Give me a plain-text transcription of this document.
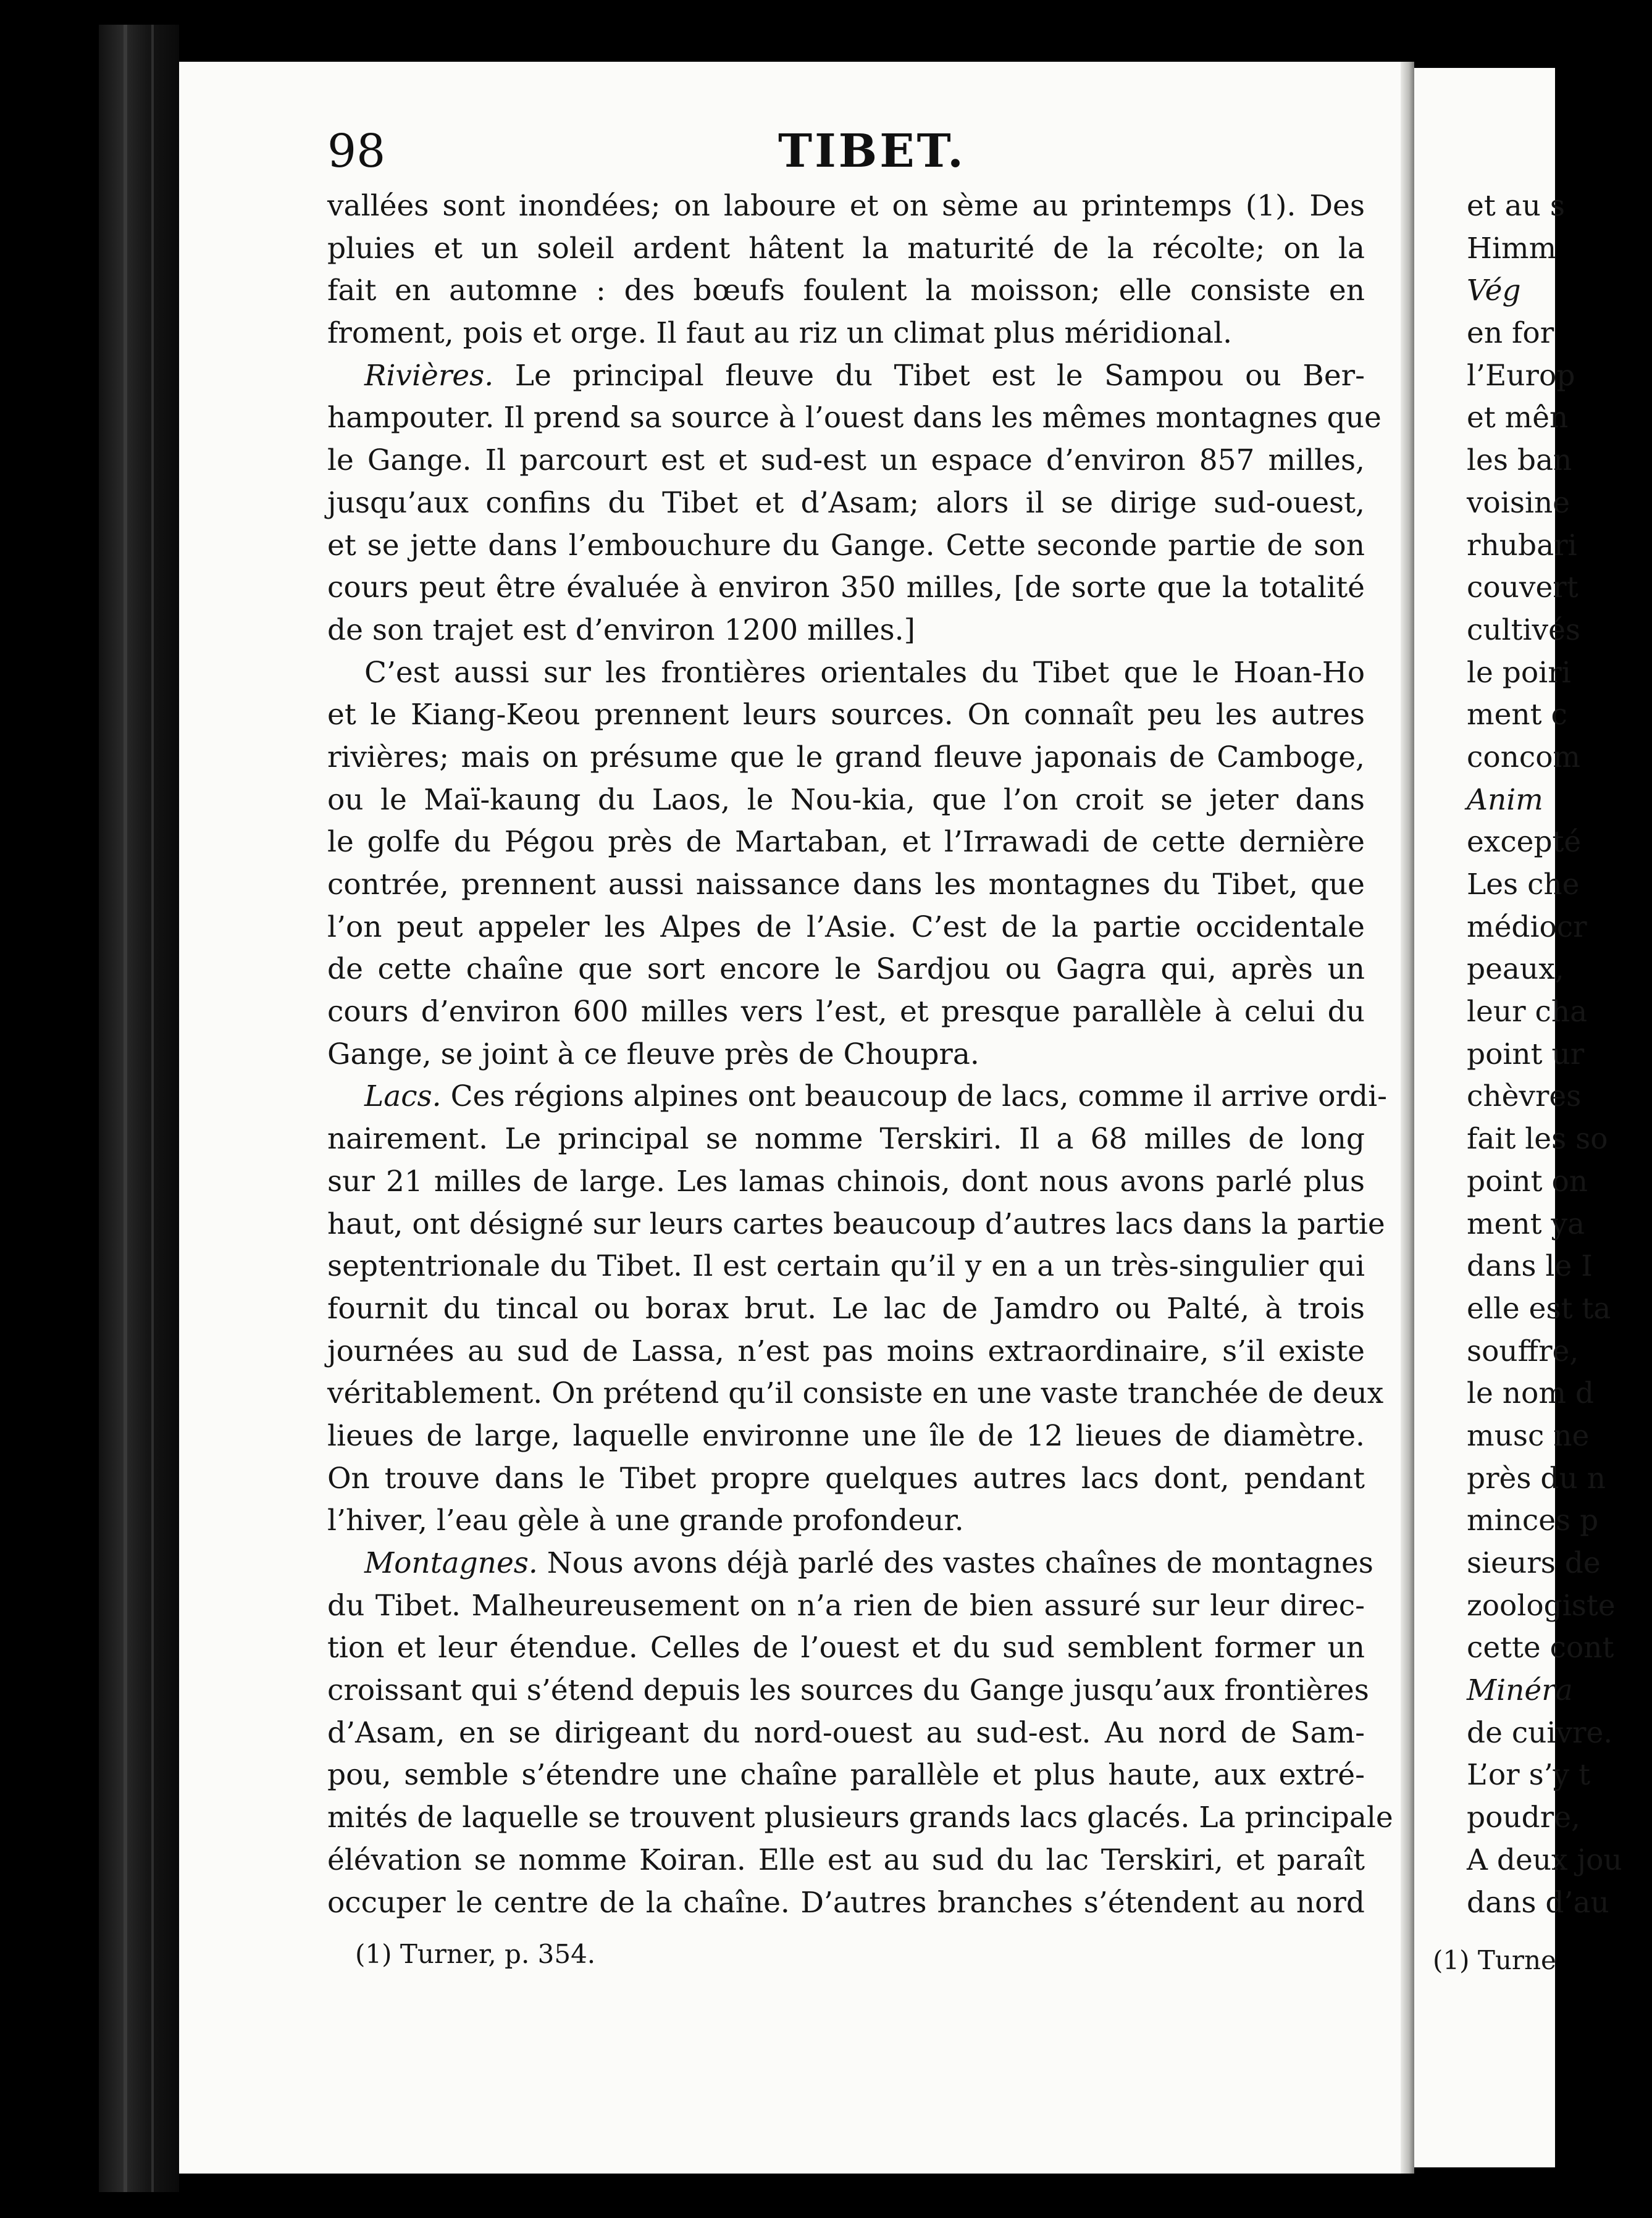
98	TIBET.
vallées sont inondées; on laboure et on sème au printemps (1). Des
pluies et un soleil ardent hâtent la maturité de la récolte; on la
fait en automne : des bœufs foulent la moisson; elle consiste en
froment, pois et orge. Il faut au riz un climat plus méridional.
Rivières. Le principal fleuve du Tibet est le Sampou ou Ber-
hampouter. Il prend sa source à l’ouest dans les mêmes montagnes que
le Gange. Il parcourt est et sud-est un espace d’environ 857 milles,
jusqu’aux confins du Tibet et d’Asam; alors il se dirige sud-ouest,
et se jette dans l’embouchure du Gange. Cette seconde partie de son
cours peut être évaluée à environ 350 milles, [de sorte que la totalité
de son trajet est d’environ 1200 milles.]
C’est aussi sur les frontières orientales du Tibet que le Hoan-Ho
et le Kiang-Keou prennent leurs sources. On connaît peu les autres
rivières; mais on présume que le grand fleuve japonais de Camboge,
ou le Maï-kaung du Laos, le Nou-kia, que l’on croit se jeter dans
le golfe du Pégou près de Martaban, et l’Irrawadi de cette dernière
contrée, prennent aussi naissance dans les montagnes du Tibet, que
l’on peut appeler les Alpes de l’Asie. C’est de la partie occidentale
de cette chaîne que sort encore le Sardjou ou Gagra qui, après un
cours d’environ 600 milles vers l’est, et presque parallèle à celui du
Gange, se joint à ce fleuve près de Choupra.
Lacs. Ces régions alpines ont beaucoup de lacs, comme il arrive ordi-
nairement. Le principal se nomme Terskiri. Il a 68 milles de long
sur 21 milles de large. Les lamas chinois, dont nous avons parlé plus
haut, ont désigné sur leurs cartes beaucoup d’autres lacs dans la partie
septentrionale du Tibet. Il est certain qu’il y en a un très-singulier qui
fournit du tincal ou borax brut. Le lac de Jamdro ou Palté, à trois
journées au sud de Lassa, n’est pas moins extraordinaire, s’il existe
véritablement. On prétend qu’il consiste en une vaste tranchée de deux
lieues de large, laquelle environne une île de 12 lieues de diamètre.
On trouve dans le Tibet propre quelques autres lacs dont, pendant
l’hiver, l’eau gèle à une grande profondeur.
Montagnes. Nous avons déjà parlé des vastes chaînes de montagnes
du Tibet. Malheureusement on n’a rien de bien assuré sur leur direc-
tion et leur étendue. Celles de l’ouest et du sud semblent former un
croissant qui s’étend depuis les sources du Gange jusqu’aux frontières
d’Asam, en se dirigeant du nord-ouest au sud-est. Au nord de Sam-
pou, semble s’étendre une chaîne parallèle et plus haute, aux extré-
mités de laquelle se trouvent plusieurs grands lacs glacés. La principale
élévation se nomme Koiran. Elle est au sud du lac Terskiri, et paraît
occuper le centre de la chaîne. D’autres branches s’étendent au nord
(1) Turner, p. 354.
et au s
Himm
Vég
en for
l’Europ
et mên
les ban
voisine
rhubari
couvert
cultivés
le poiri
ment c
concom
Anim
excepté
Les che
médiocr
peaux,
leur cha
point ur
chèvres
fait les so
point on
ment ya
dans le I
elle est ta
souffre,
le nom d
musc ne
près du n
minces p
sieurs de
zoologiste
cette cont
Minéra
de cuivre.
L’or s’y t
poudre,
A deux jou
dans d’au
(1) Turne
